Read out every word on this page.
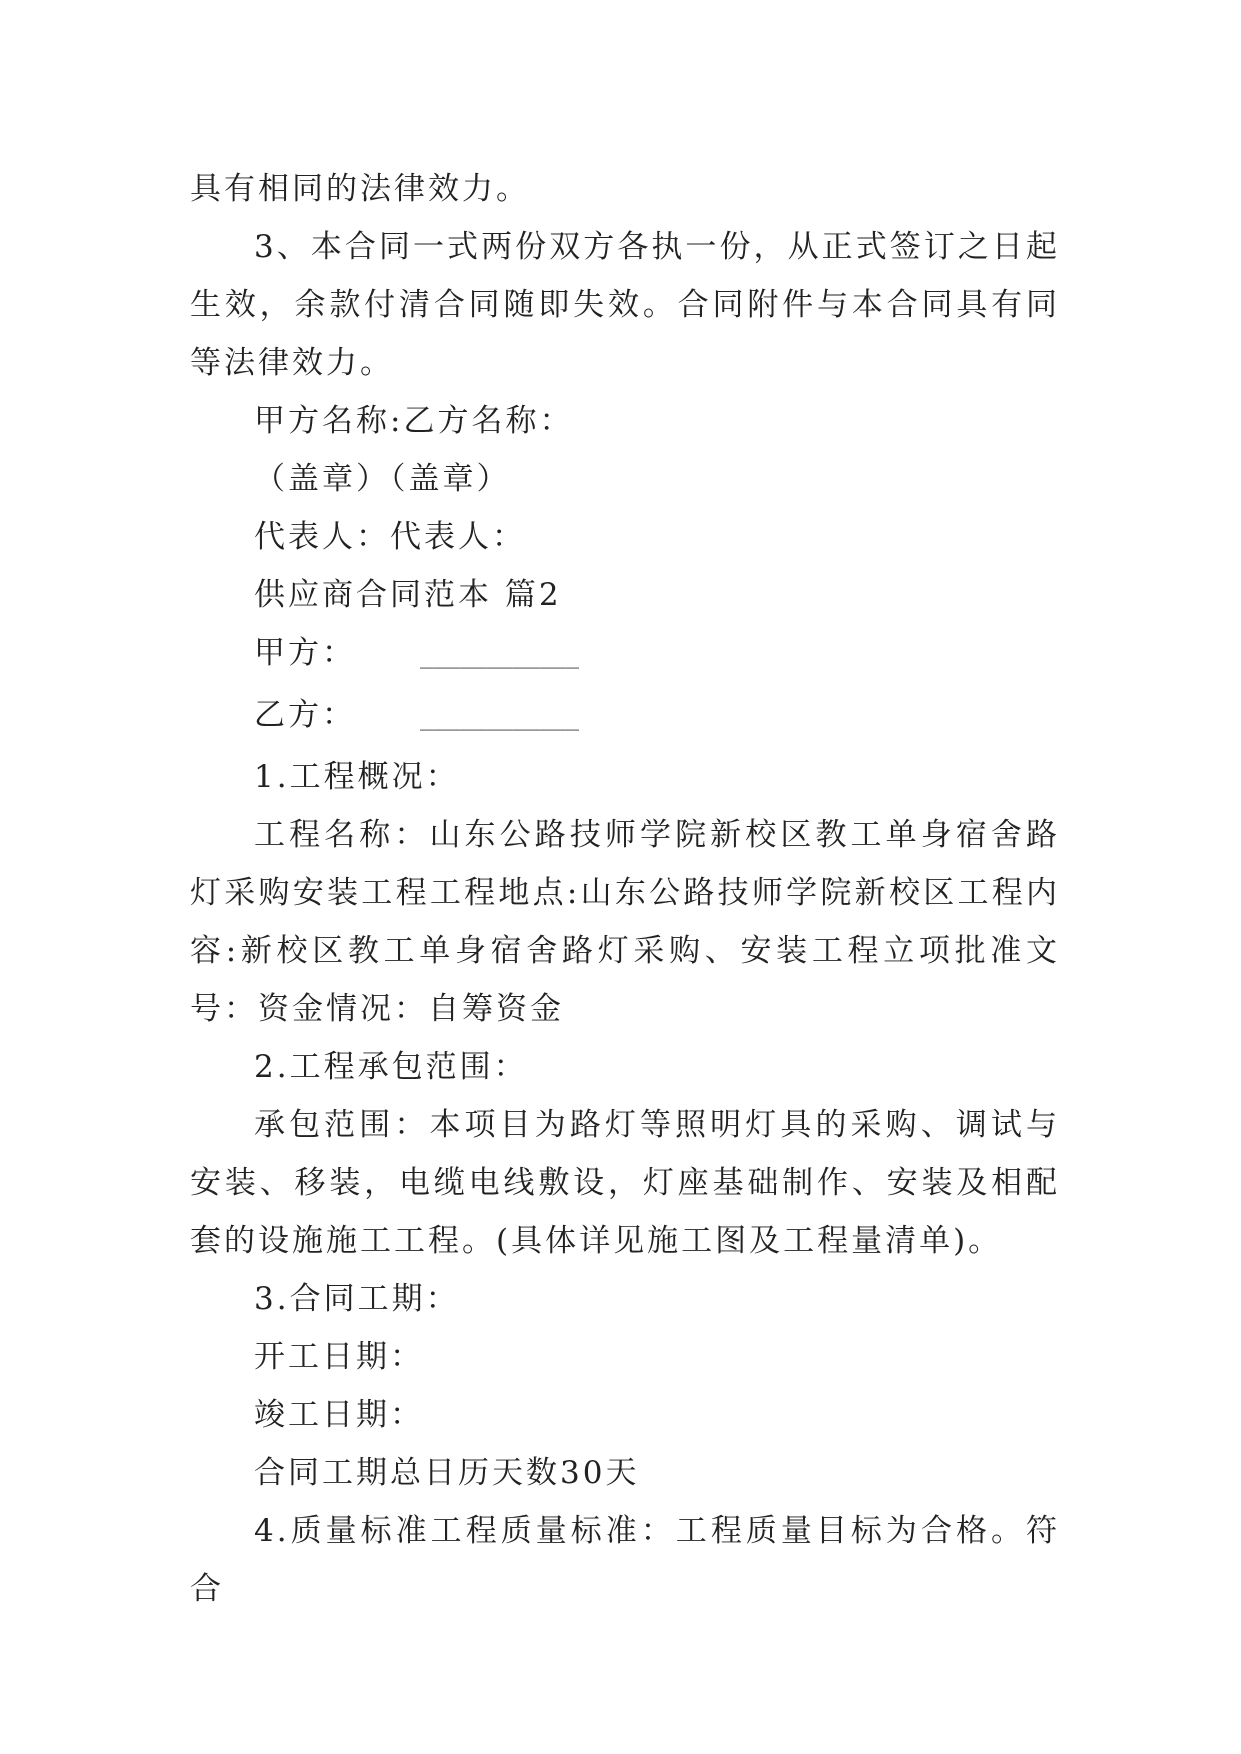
具有相同的法律效力。

3、本合同一式两份双方各执一份，从正式签订之日起生效，余款付清合同随即失效。合同附件与本合同具有同等法律效力。

甲方名称:乙方名称：

（盖章）（盖章）

代表人：代表人：

供应商合同范本 篇2

甲方：	____________

乙方：	____________

1.工程概况：

工程名称：山东公路技师学院新校区教工单身宿舍路灯采购安装工程工程地点:山东公路技师学院新校区工程内容:新校区教工单身宿舍路灯采购、安装工程立项批准文号：资金情况：自筹资金

2.工程承包范围：

承包范围：本项目为路灯等照明灯具的采购、调试与安装、移装，电缆电线敷设，灯座基础制作、安装及相配套的设施施工工程。(具体详见施工图及工程量清单)。

3.合同工期：

开工日期：

竣工日期：

合同工期总日历天数30天

4.质量标准工程质量标准：工程质量目标为合格。符合
